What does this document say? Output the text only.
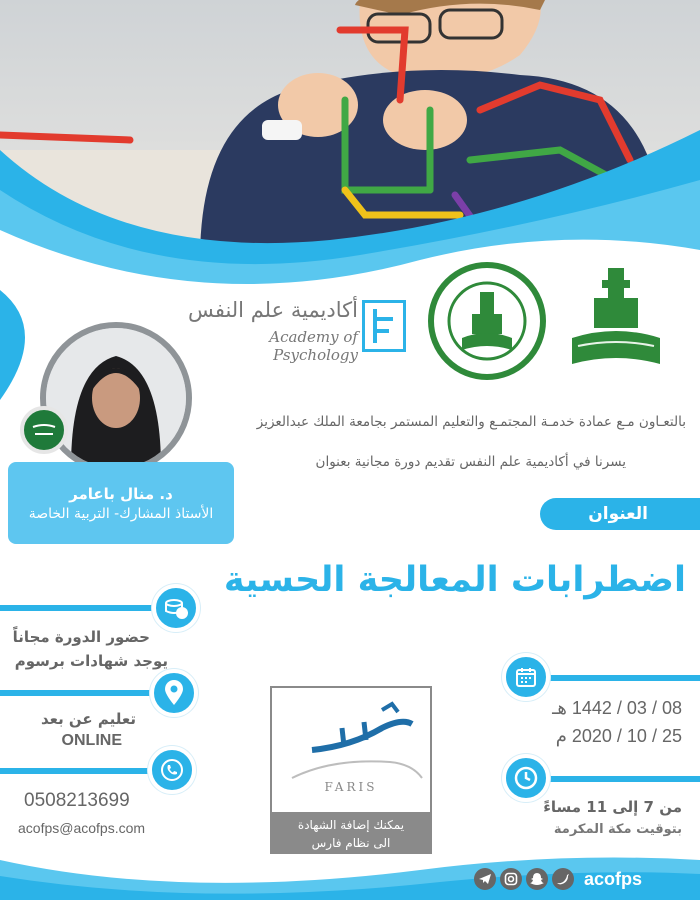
أكاديمية علم النفس
Academy of Psychology
بالتعـاون مـع عمادة خدمـة المجتمـع والتعليم المستمر بجامعة الملك عبدالعزيز
يسرنا في أكاديمية علم النفس تقديم دورة مجانية بعنوان
د. منال باعامر
الأستاذ المشارك- التربية الخاصة	العنوان
اضطرابات المعالجة الحسية
حضور الدورة مجاناً
يوجد شهادات برسوم
تعليم عن بعد
ONLINE
0508213699
acofps@acofps.com
FARIS
يمكنك إضافة الشهادة
الى نظام فارس
08 / 03 / 1442 هـ
25 / 10 / 2020 م
من 7 إلى 11 مساءً
بتوقيت مكة المكرمة
acofps
